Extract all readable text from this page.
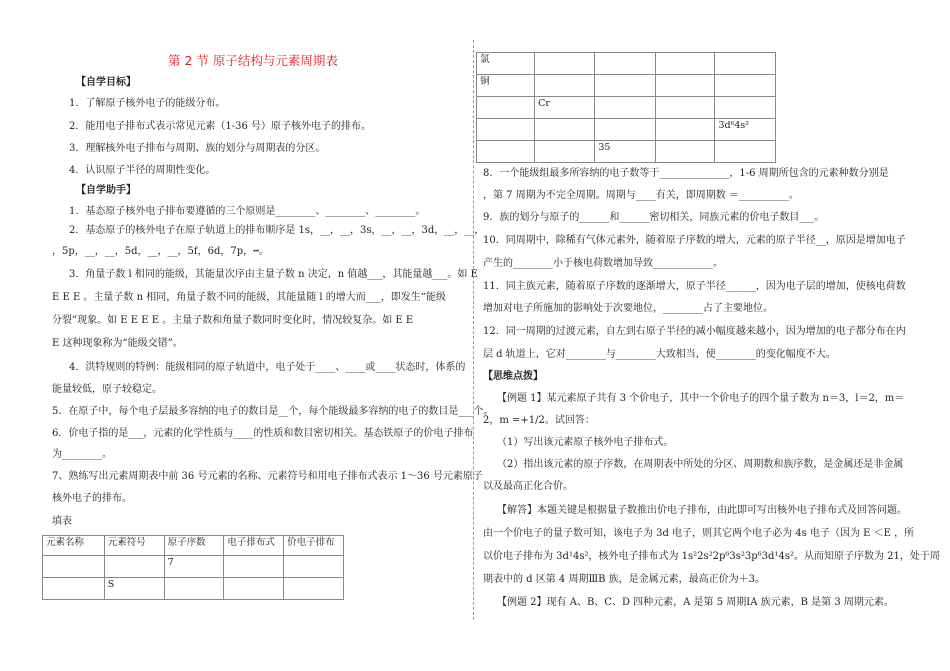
第 2 节 原子结构与元素周期表
【自学目标】
1．了解原子核外电子的能级分布。
2．能用电子排布式表示常见元素（1-36 号）原子核外电子的排布。
3．理解核外电子排布与周期、族的划分与周期表的分区。
4．认识原子半径的周期性变化。
【自学助手】
1．基态原子核外电子排布要遵循的三个原则是________、________、________。
2．基态原子的核外电子在原子轨道上的排布顺序是 1s，__，__，3s，__，__，3d，__，__，
，5p，__，__，5d，__，__，5f，6d，7p，┅。
3．角量子数 l 相同的能级，其能量次序由主量子数 n 决定，n 值越___，其能量越___。如 E
E E E 。主量子数 n 相同，角量子数不同的能级，其能量随 l 的增大而___，即发生“能级
分裂”现象。如 E E E E 。主量子数和角量子数同时变化时，情况较复杂。如 E E
E 这种现象称为“能级交错”。
4．洪特规则的特例：能级相同的原子轨道中，电子处于____、____或____状态时，体系的
能量较低，原子较稳定。
5．在原子中，每个电子层最多容纳的电子的数目是__个，每个能级最多容纳的电子的数目是___个。
6．价电子指的是___，元素的化学性质与____的性质和数目密切相关。基态铁原子的价电子排布
为________。
7、熟练写出元素周期表中前 36 号元素的名称、元素符号和用电子排布式表示 1～36 号元素原子
核外电子的排布。
填表
元素名称	元素符号	原子序数	电子排布式	价电子排布
		7		
	S			
氯				
铜				
	Cr			
				3d⁶4s²
		35		
8．一个能级组最多所容纳的电子数等于______________，1-6 周期所包含的元素种数分别是
，第 7 周期为不完全周期。周期与____有关，即周期数 ＝__________。
9．族的划分与原子的______和______密切相关，同族元素的价电子数目___。
10．同周期中，除稀有气体元素外，随着原子序数的增大，元素的原子半径__，原因是增加电子
产生的________小于核电荷数增加导致____________。
11．同主族元素，随着原子序数的逐渐增大，原子半径______，因为电子层的增加，使核电荷数
增加对电子所施加的影响处于次要地位，________占了主要地位。
12．同一周期的过渡元素，自左到右原子半径的减小幅度越来越小，因为增加的电子都分布在内
层 d 轨道上，它对________与________大致相当，使________的变化幅度不大。
【思维点拨】
【例题 1】某元素原子共有 3 个价电子，其中一个价电子的四个量子数为 n＝3，l＝2，m＝
2，m =+1/2。试回答：
（1）写出该元素原子核外电子排布式。
（2）指出该元素的原子序数，在周期表中所处的分区、周期数和族序数，是金属还是非金属
以及最高正化合价。
【解答】本题关键是根据量子数推出价电子排布，由此即可写出核外电子排布式及回答问题。
由一个价电子的量子数可知，该电子为 3d 电子，则其它两个电子必为 4s 电子（因为 E ＜E ，所
以价电子排布为 3d¹4s²，核外电子排布式为 1s²2s²2p⁶3s²3p⁶3d¹4s²。从而知原子序数为 21，处于周
期表中的 d 区第 4 周期ⅢB 族，是金属元素，最高正价为＋3。
【例题 2】现有 A、B、C、D 四种元素，A 是第 5 周期ⅠA 族元素，B 是第 3 周期元素。
